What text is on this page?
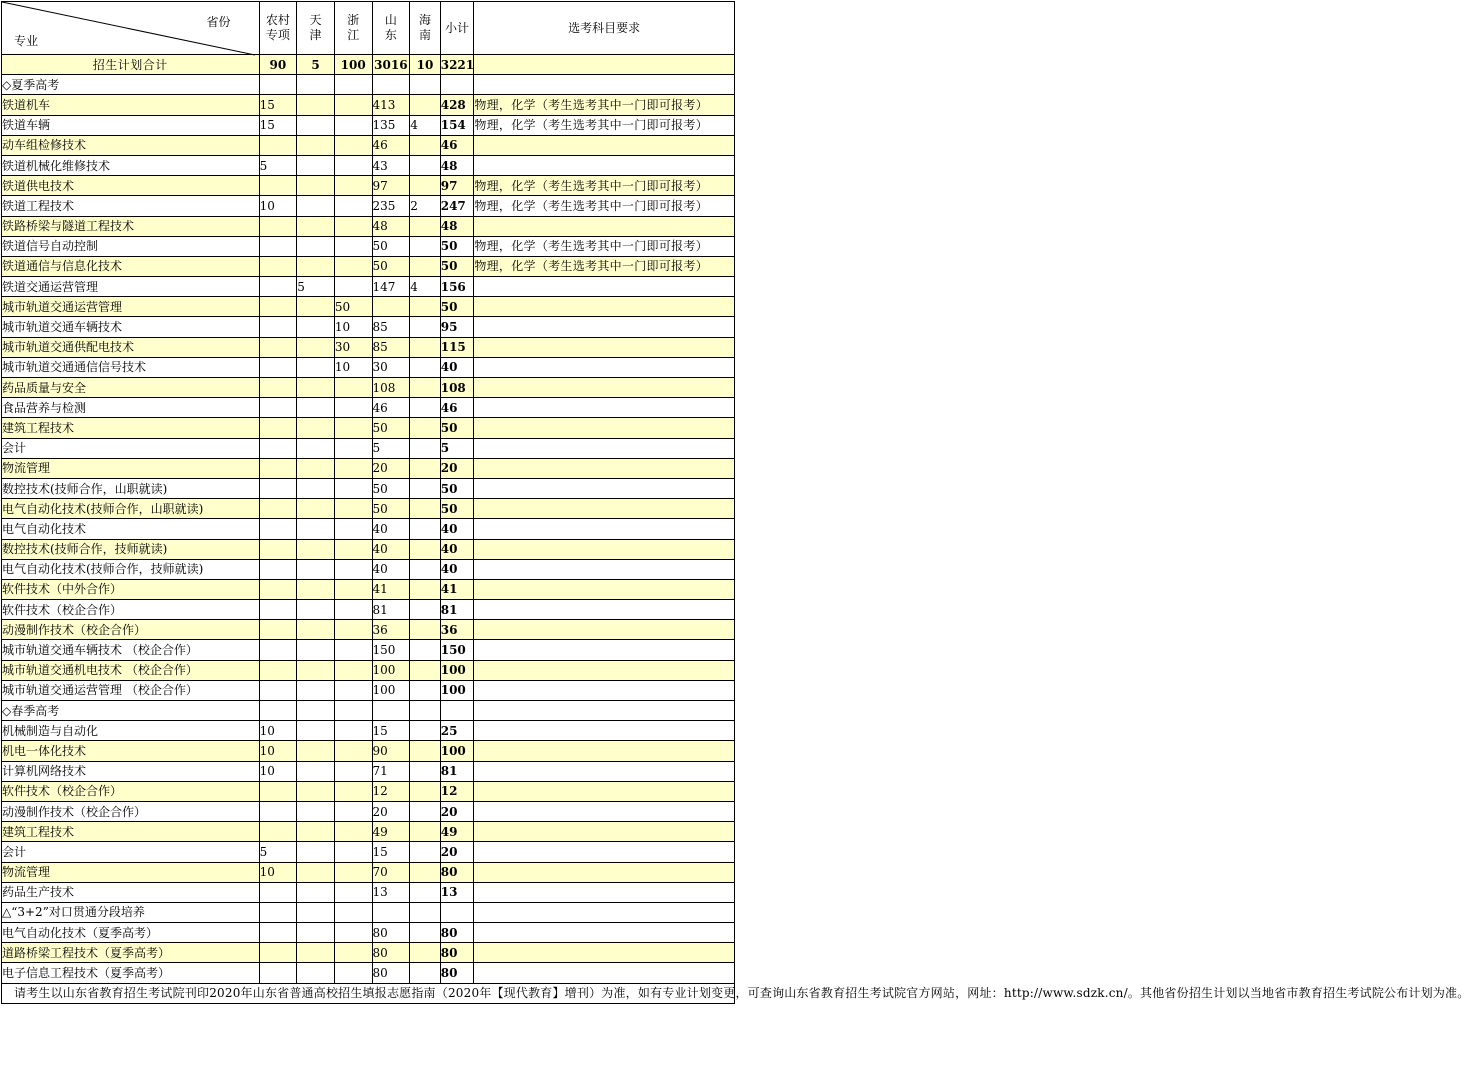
省份
专业	农村专项	天津	浙江	山东	海南	小计	选考科目要求
招生计划合计	90	5	100	3016	10	3221	
◇夏季高考							
铁道机车	15			413		428	物理，化学（考生选考其中一门即可报考）
铁道车辆	15			135	4	154	物理，化学（考生选考其中一门即可报考）
动车组检修技术				46		46	
铁道机械化维修技术	5			43		48	
铁道供电技术				97		97	物理，化学（考生选考其中一门即可报考）
铁道工程技术	10			235	2	247	物理，化学（考生选考其中一门即可报考）
铁路桥梁与隧道工程技术				48		48	
铁道信号自动控制				50		50	物理，化学（考生选考其中一门即可报考）
铁道通信与信息化技术				50		50	物理，化学（考生选考其中一门即可报考）
铁道交通运营管理		5		147	4	156	
城市轨道交通运营管理			50			50	
城市轨道交通车辆技术			10	85		95	
城市轨道交通供配电技术			30	85		115	
城市轨道交通通信信号技术			10	30		40	
药品质量与安全				108		108	
食品营养与检测				46		46	
建筑工程技术				50		50	
会计				5		5	
物流管理				20		20	
数控技术(技师合作，山职就读)				50		50	
电气自动化技术(技师合作，山职就读)				50		50	
电气自动化技术				40		40	
数控技术(技师合作，技师就读)				40		40	
电气自动化技术(技师合作，技师就读)				40		40	
软件技术（中外合作）				41		41	
软件技术（校企合作）				81		81	
动漫制作技术（校企合作）				36		36	
城市轨道交通车辆技术 （校企合作）				150		150	
城市轨道交通机电技术 （校企合作）				100		100	
城市轨道交通运营管理 （校企合作）				100		100	
◇春季高考							
机械制造与自动化	10			15		25	
机电一体化技术	10			90		100	
计算机网络技术	10			71		81	
软件技术（校企合作）				12		12	
动漫制作技术（校企合作）				20		20	
建筑工程技术				49		49	
会计	5			15		20	
物流管理	10			70		80	
药品生产技术				13		13	
△“3+2”对口贯通分段培养							
电气自动化技术（夏季高考）				80		80	
道路桥梁工程技术（夏季高考）				80		80	
电子信息工程技术（夏季高考）				80		80	
请考生以山东省教育招生考试院刊印2020年山东省普通高校招生填报志愿指南（2020年【现代教育】增刊）为准，如有专业计划变更，可查询山东省教育招生考试院官方网站，网址：http://www.sdzk.cn/。其他省份招生计划以当地省市教育招生考试院公布计划为准。							
